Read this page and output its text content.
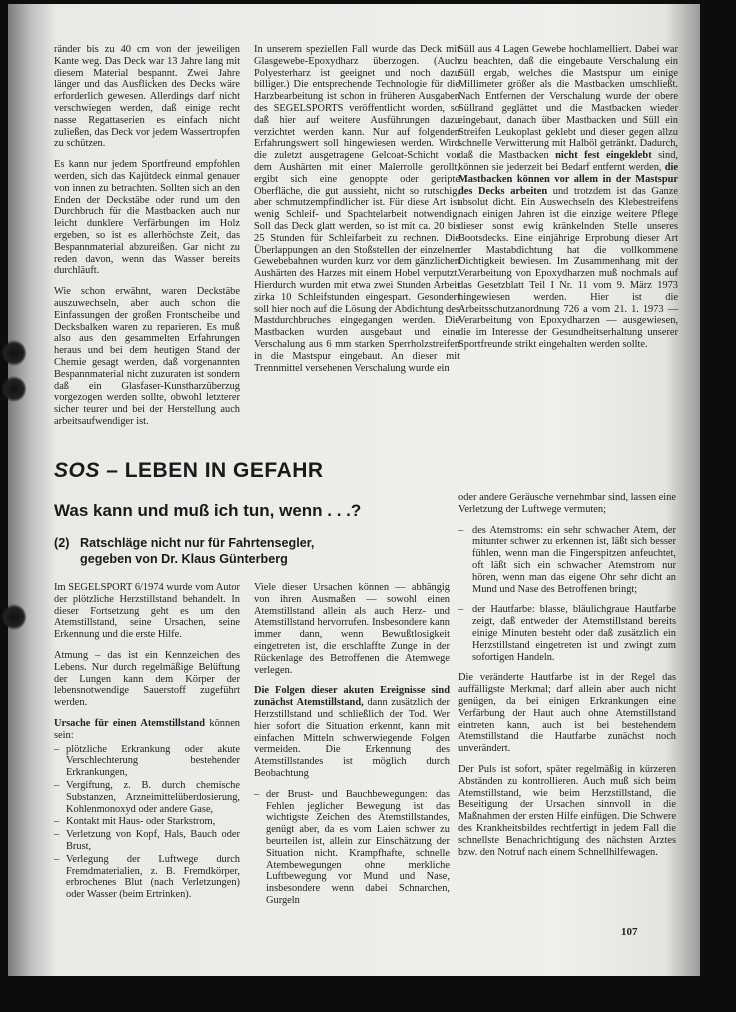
ränder bis zu 40 cm von der jeweiligen Kante weg. Das Deck war 13 Jahre lang mit diesem Material bespannt. Zwei Jahre länger und das Ausflicken des Decks wäre erforderlich gewesen. Allerdings darf nicht verschwiegen werden, daß einige recht nasse Regattaserien es einfach nicht zuließen, das Deck vor jedem Wassertropfen zu schützen.

Es kann nur jedem Sportfreund empfohlen werden, sich das Kajütdeck einmal genauer von innen zu betrachten. Sollten sich an den Enden der Deckstäbe oder rund um den Durchbruch für die Mastbacken auch nur leicht dunklere Verfärbungen im Holz ergeben, so ist es allerhöchste Zeit, das Bespannmaterial abzureißen. Gar nicht zu reden davon, wenn das Wasser bereits durchläuft.

Wie schon erwähnt, waren Deckstäbe auszuwechseln, aber auch schon die Einfassungen der großen Frontscheibe und Decksbalken waren zu reparieren. Es muß also aus den gesammelten Erfahrungen heraus und bei dem heutigen Stand der Chemie gesagt werden, daß vorgenannten Bespannmaterial nicht zuzuraten ist sondern daß ein Glasfaser-Kunstharzüberzug vorgezogen werden sollte, obwohl letzterer sicher teurer und bei der Herstellung auch arbeitsaufwendiger ist.

In unserem speziellen Fall wurde das Deck mit Glasgewebe-Epoxydharz überzogen. (Auch Polyesterharz ist geeignet und noch dazu billiger.) Die entsprechende Technologie für die Harzbearbeitung ist schon in früheren Ausgaben des SEGELSPORTS veröffentlicht worden, so daß hier auf weitere Ausführungen dazu verzichtet werden kann. Nur auf folgenden Erfahrungswert soll hingewiesen werden. Wird die zuletzt ausgetragene Gelcoat-Schicht vor dem Aushärten mit einer Malerrolle gerollt, ergibt sich eine genoppte oder geripte Oberfläche, die gut aussieht, nicht so rutschig, aber schmutzempfindlicher ist. Für diese Art ist wenig Schleif- und Spachtelarbeit notwendig. Soll das Deck glatt werden, so ist mit ca. 20 bis 25 Stunden für Schleifarbeit zu rechnen. Die Überlappungen an den Stoßstellen der einzelnen Gewebebahnen wurden kurz vor dem gänzlichen Aushärten des Harzes mit einem Hobel verputzt. Hierdurch wurden mit etwa zwei Stunden Arbeit zirka 10 Schleifstunden eingespart. Gesondert soll hier noch auf die Lösung der Abdichtung des Mastdurchbruches eingegangen werden. Die Mastbacken wurden ausgebaut und eine Verschalung aus 6 mm starken Sperrholzstreifen in die Mastspur eingebaut. An dieser mit Trennmittel versehenen Verschalung wurde ein

Süll aus 4 Lagen Gewebe hochlamelliert. Dabei war zu beachten, daß die eingebaute Verschalung ein Süll ergab, welches die Mastspur um einige Millimeter größer als die Mastbacken umschließt. Nach Entfernen der Verschalung wurde der obere Süllrand geglättet und die Mastbacken wieder eingebaut, danach über Mastbacken und Süll ein Streifen Leukoplast geklebt und dieser gegen allzu schnelle Verwitterung mit Halböl getränkt. Dadurch, daß die Mastbacken nicht fest eingeklebt sind, können sie jederzeit bei Bedarf entfernt werden, die Mastbacken können vor allem in der Mastspur des Decks arbeiten und trotzdem ist das Ganze absolut dicht. Ein Auswechseln des Klebestreifens nach einigen Jahren ist die einzige weitere Pflege dieser sonst ewig kränkelnden Stelle unseres Bootsdecks. Eine einjährige Erprobung dieser Art der Mastabdichtung hat die vollkommene Dichtigkeit bewiesen. Im Zusammenhang mit der Verarbeitung von Epoxydharzen muß nochmals auf das Gesetzblatt Teil I Nr. 11 vom 9. März 1973 hingewiesen werden. Hier ist die Arbeitsschutzanordnung 726 a vom 21. 1. 1973 — Verarbeitung von Epoxydharzen — ausgewiesen, die im Interesse der Gesundheitserhaltung unserer Sportfreunde strikt eingehalten werden sollte.

SOS – LEBEN IN GEFAHR
Was kann und muß ich tun, wenn . . .?
(2) Ratschläge nicht nur für Fahrtensegler,
gegeben von Dr. Klaus Günterberg

Im SEGELSPORT 6/1974 wurde vom Autor der plötzliche Herzstillstand behandelt. In dieser Fortsetzung geht es um den Atemstillstand, seine Ursachen, seine Erkennung und die erste Hilfe.

Atmung – das ist ein Kennzeichen des Lebens. Nur durch regelmäßige Belüftung der Lungen kann dem Körper der lebensnotwendige Sauerstoff zugeführt werden.

Ursache für einen Atemstillstand können sein:

– plötzliche Erkrankung oder akute Verschlechterung bestehender Erkrankungen,
– Vergiftung, z. B. durch chemische Substanzen, Arzneimittelüberdosierung, Kohlenmonoxyd oder andere Gase,
– Kontakt mit Haus- oder Starkstrom,
– Verletzung von Kopf, Hals, Bauch oder Brust,
– Verlegung der Luftwege durch Fremdmaterialien, z. B. Fremdkörper, erbrochenes Blut (nach Verletzungen) oder Wasser (beim Ertrinken).

Viele dieser Ursachen können — abhängig von ihren Ausmaßen — sowohl einen Atemstillstand allein als auch Herz- und Atemstillstand hervorrufen. Insbesondere kann immer dann, wenn Bewußtlosigkeit eingetreten ist, die erschlaffte Zunge in der Rückenlage des Betroffenen die Atemwege verlegen.

Die Folgen dieser akuten Ereignisse sind zunächst Atemstillstand, dann zusätzlich der Herzstillstand und schließlich der Tod. Wer hier sofort die Situation erkennt, kann mit einfachen Mitteln schwerwiegende Folgen vermeiden. Die Erkennung des Atemstillstandes ist möglich durch Beobachtung

– der Brust- und Bauchbewegungen: das Fehlen jeglicher Bewegung ist das wichtigste Zeichen des Atemstillstandes, genügt aber, da es vom Laien schwer zu beurteilen ist, allein zur Einschätzung der Situation nicht. Krampfhafte, schnelle Atembewegungen ohne merkliche Luftbewegung vor Mund und Nase, insbesondere wenn dabei Schnarchen, Gurgeln

oder andere Geräusche vernehmbar sind, lassen eine Verletzung der Luftwege vermuten;

– des Atemstroms: ein sehr schwacher Atem, der mitunter schwer zu erkennen ist, läßt sich besser fühlen, wenn man die Fingerspitzen anfeuchtet, oft läßt sich ein schwacher Atemstrom nur hören, wenn man das eigene Ohr sehr dicht an Mund und Nase des Betroffenen bringt;
– der Hautfarbe: blasse, bläulichgraue Hautfarbe zeigt, daß entweder der Atemstillstand bereits einige Minuten besteht oder daß zusätzlich ein Herzstillstand eingetreten ist und zwingt zum sofortigen Handeln.

Die veränderte Hautfarbe ist in der Regel das auffälligste Merkmal; darf allein aber auch nicht genügen, da bei einigen Erkrankungen eine Verfärbung der Haut auch ohne Atemstillstand eintreten kann, auch ist bei bestehendem Atemstillstand die Hautfarbe zunächst noch unverändert.

Der Puls ist sofort, später regelmäßig in kürzeren Abständen zu kontrollieren. Auch muß sich beim Atemstillstand, wie beim Herzstillstand, die Beseitigung der Ursachen sinnvoll in die Maßnahmen der ersten Hilfe einfügen. Die Schwere des Krankheitsbildes rechtfertigt in jedem Fall die schnellste Benachrichtigung des nächsten Arztes bzw. den Notruf nach einem Schnellhilfewagen.

107
